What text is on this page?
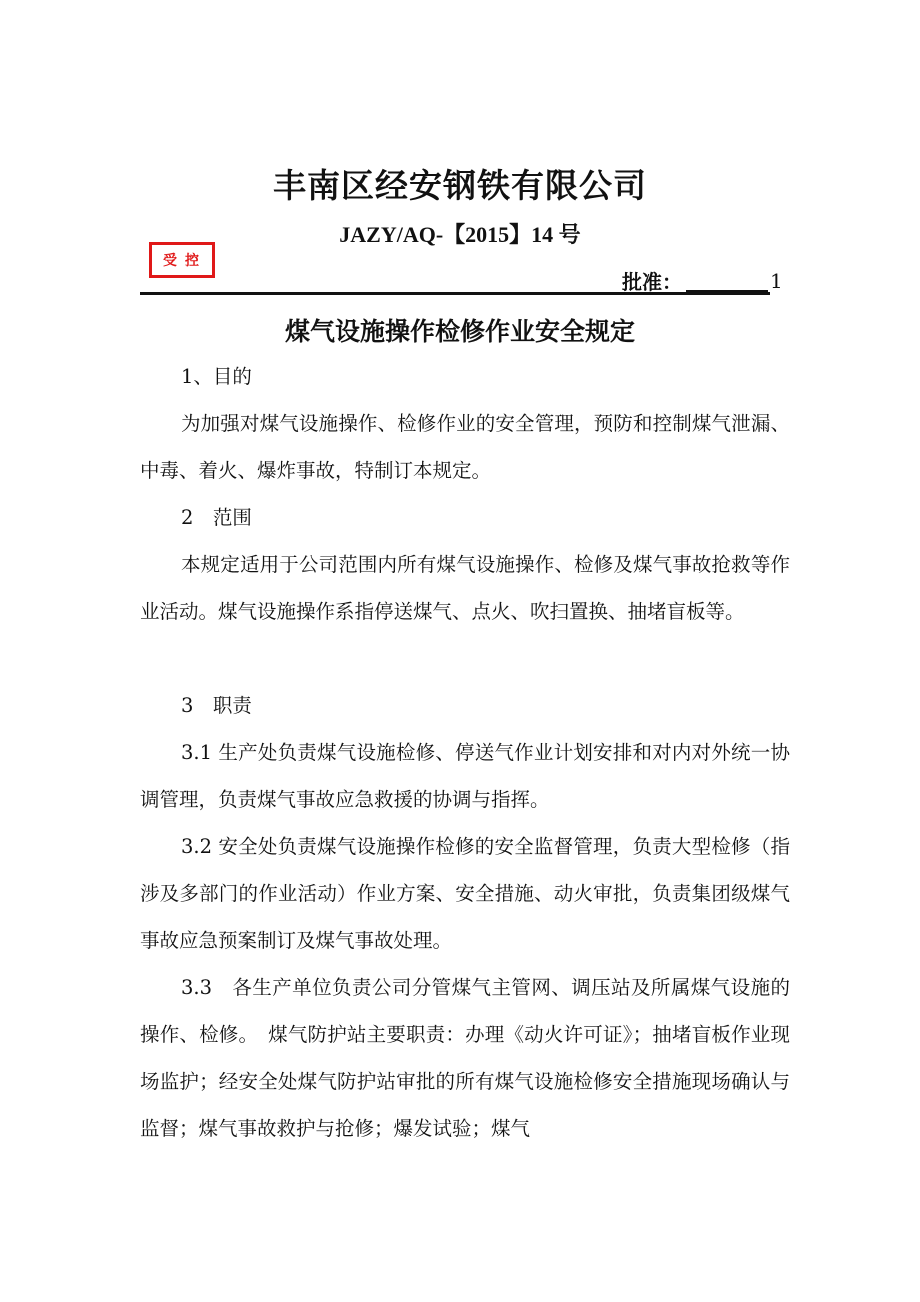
丰南区经安钢铁有限公司
JAZY/AQ-【2015】14 号
受控
批准：	1
煤气设施操作检修作业安全规定

1、目的

为加强对煤气设施操作、检修作业的安全管理，预防和控制煤气泄漏、中毒、着火、爆炸事故，特制订本规定。

2　范围

本规定适用于公司范围内所有煤气设施操作、检修及煤气事故抢救等作业活动。煤气设施操作系指停送煤气、点火、吹扫置换、抽堵盲板等。

3　职责

3.1 生产处负责煤气设施检修、停送气作业计划安排和对内对外统一协调管理，负责煤气事故应急救援的协调与指挥。

3.2 安全处负责煤气设施操作检修的安全监督管理，负责大型检修（指涉及多部门的作业活动）作业方案、安全措施、动火审批，负责集团级煤气事故应急预案制订及煤气事故处理。

3.3　各生产单位负责公司分管煤气主管网、调压站及所属煤气设施的操作、检修。　煤气防护站主要职责：办理《动火许可证》；抽堵盲板作业现场监护；经安全处煤气防护站审批的所有煤气设施检修安全措施现场确认与监督；煤气事故救护与抢修；爆发试验；煤气
